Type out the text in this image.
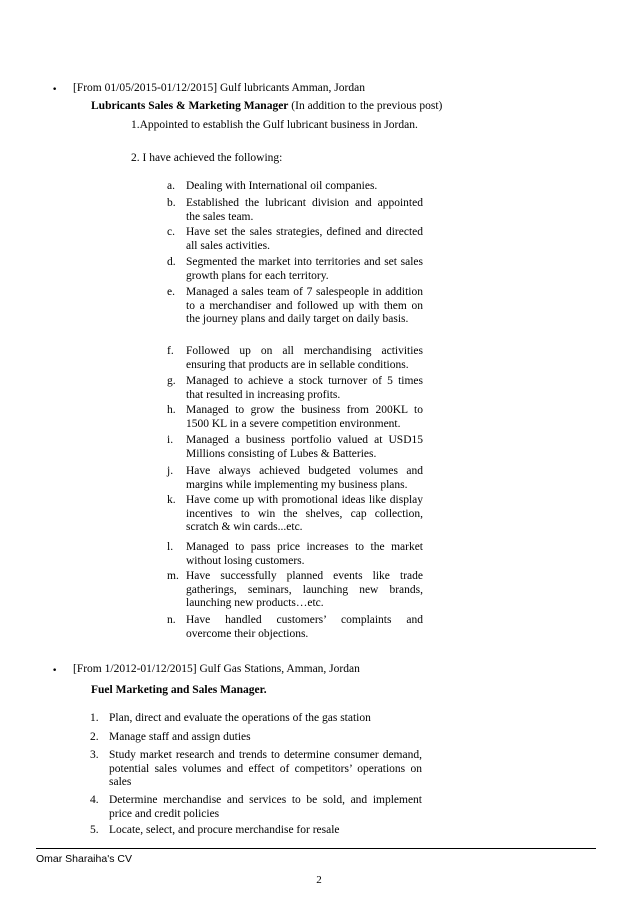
• [From 01/05/2015-01/12/2015] Gulf lubricants Amman, Jordan
Lubricants Sales & Marketing Manager (In addition to the previous post)
1.Appointed to establish the Gulf lubricant business in Jordan.
2. I have achieved the following:
a. Dealing with International oil companies.
b. Established the lubricant division and appointed the sales team.
c. Have set the sales strategies, defined and directed all sales activities.
d. Segmented the market into territories and set sales growth plans for each territory.
e. Managed a sales team of 7 salespeople in addition to a merchandiser and followed up with them on the journey plans and daily target on daily basis.
f. Followed up on all merchandising activities ensuring that products are in sellable conditions.
g. Managed to achieve a stock turnover of 5 times that resulted in increasing profits.
h. Managed to grow the business from 200KL to 1500 KL in a severe competition environment.
i. Managed a business portfolio valued at USD15 Millions consisting of Lubes & Batteries.
j. Have always achieved budgeted volumes and margins while implementing my business plans.
k. Have come up with promotional ideas like display incentives to win the shelves, cap collection, scratch & win cards...etc.
l. Managed to pass price increases to the market without losing customers.
m. Have successfully planned events like trade gatherings, seminars, launching new brands, launching new products…etc.
n. Have handled customers’ complaints and overcome their objections.
• [From 1/2012-01/12/2015] Gulf Gas Stations, Amman, Jordan
Fuel Marketing and Sales Manager.
1. Plan, direct and evaluate the operations of the gas station
2. Manage staff and assign duties
3. Study market research and trends to determine consumer demand, potential sales volumes and effect of competitors’ operations on sales
4. Determine merchandise and services to be sold, and implement price and credit policies
5. Locate, select, and procure merchandise for resale
Omar Sharaiha's CV
2
